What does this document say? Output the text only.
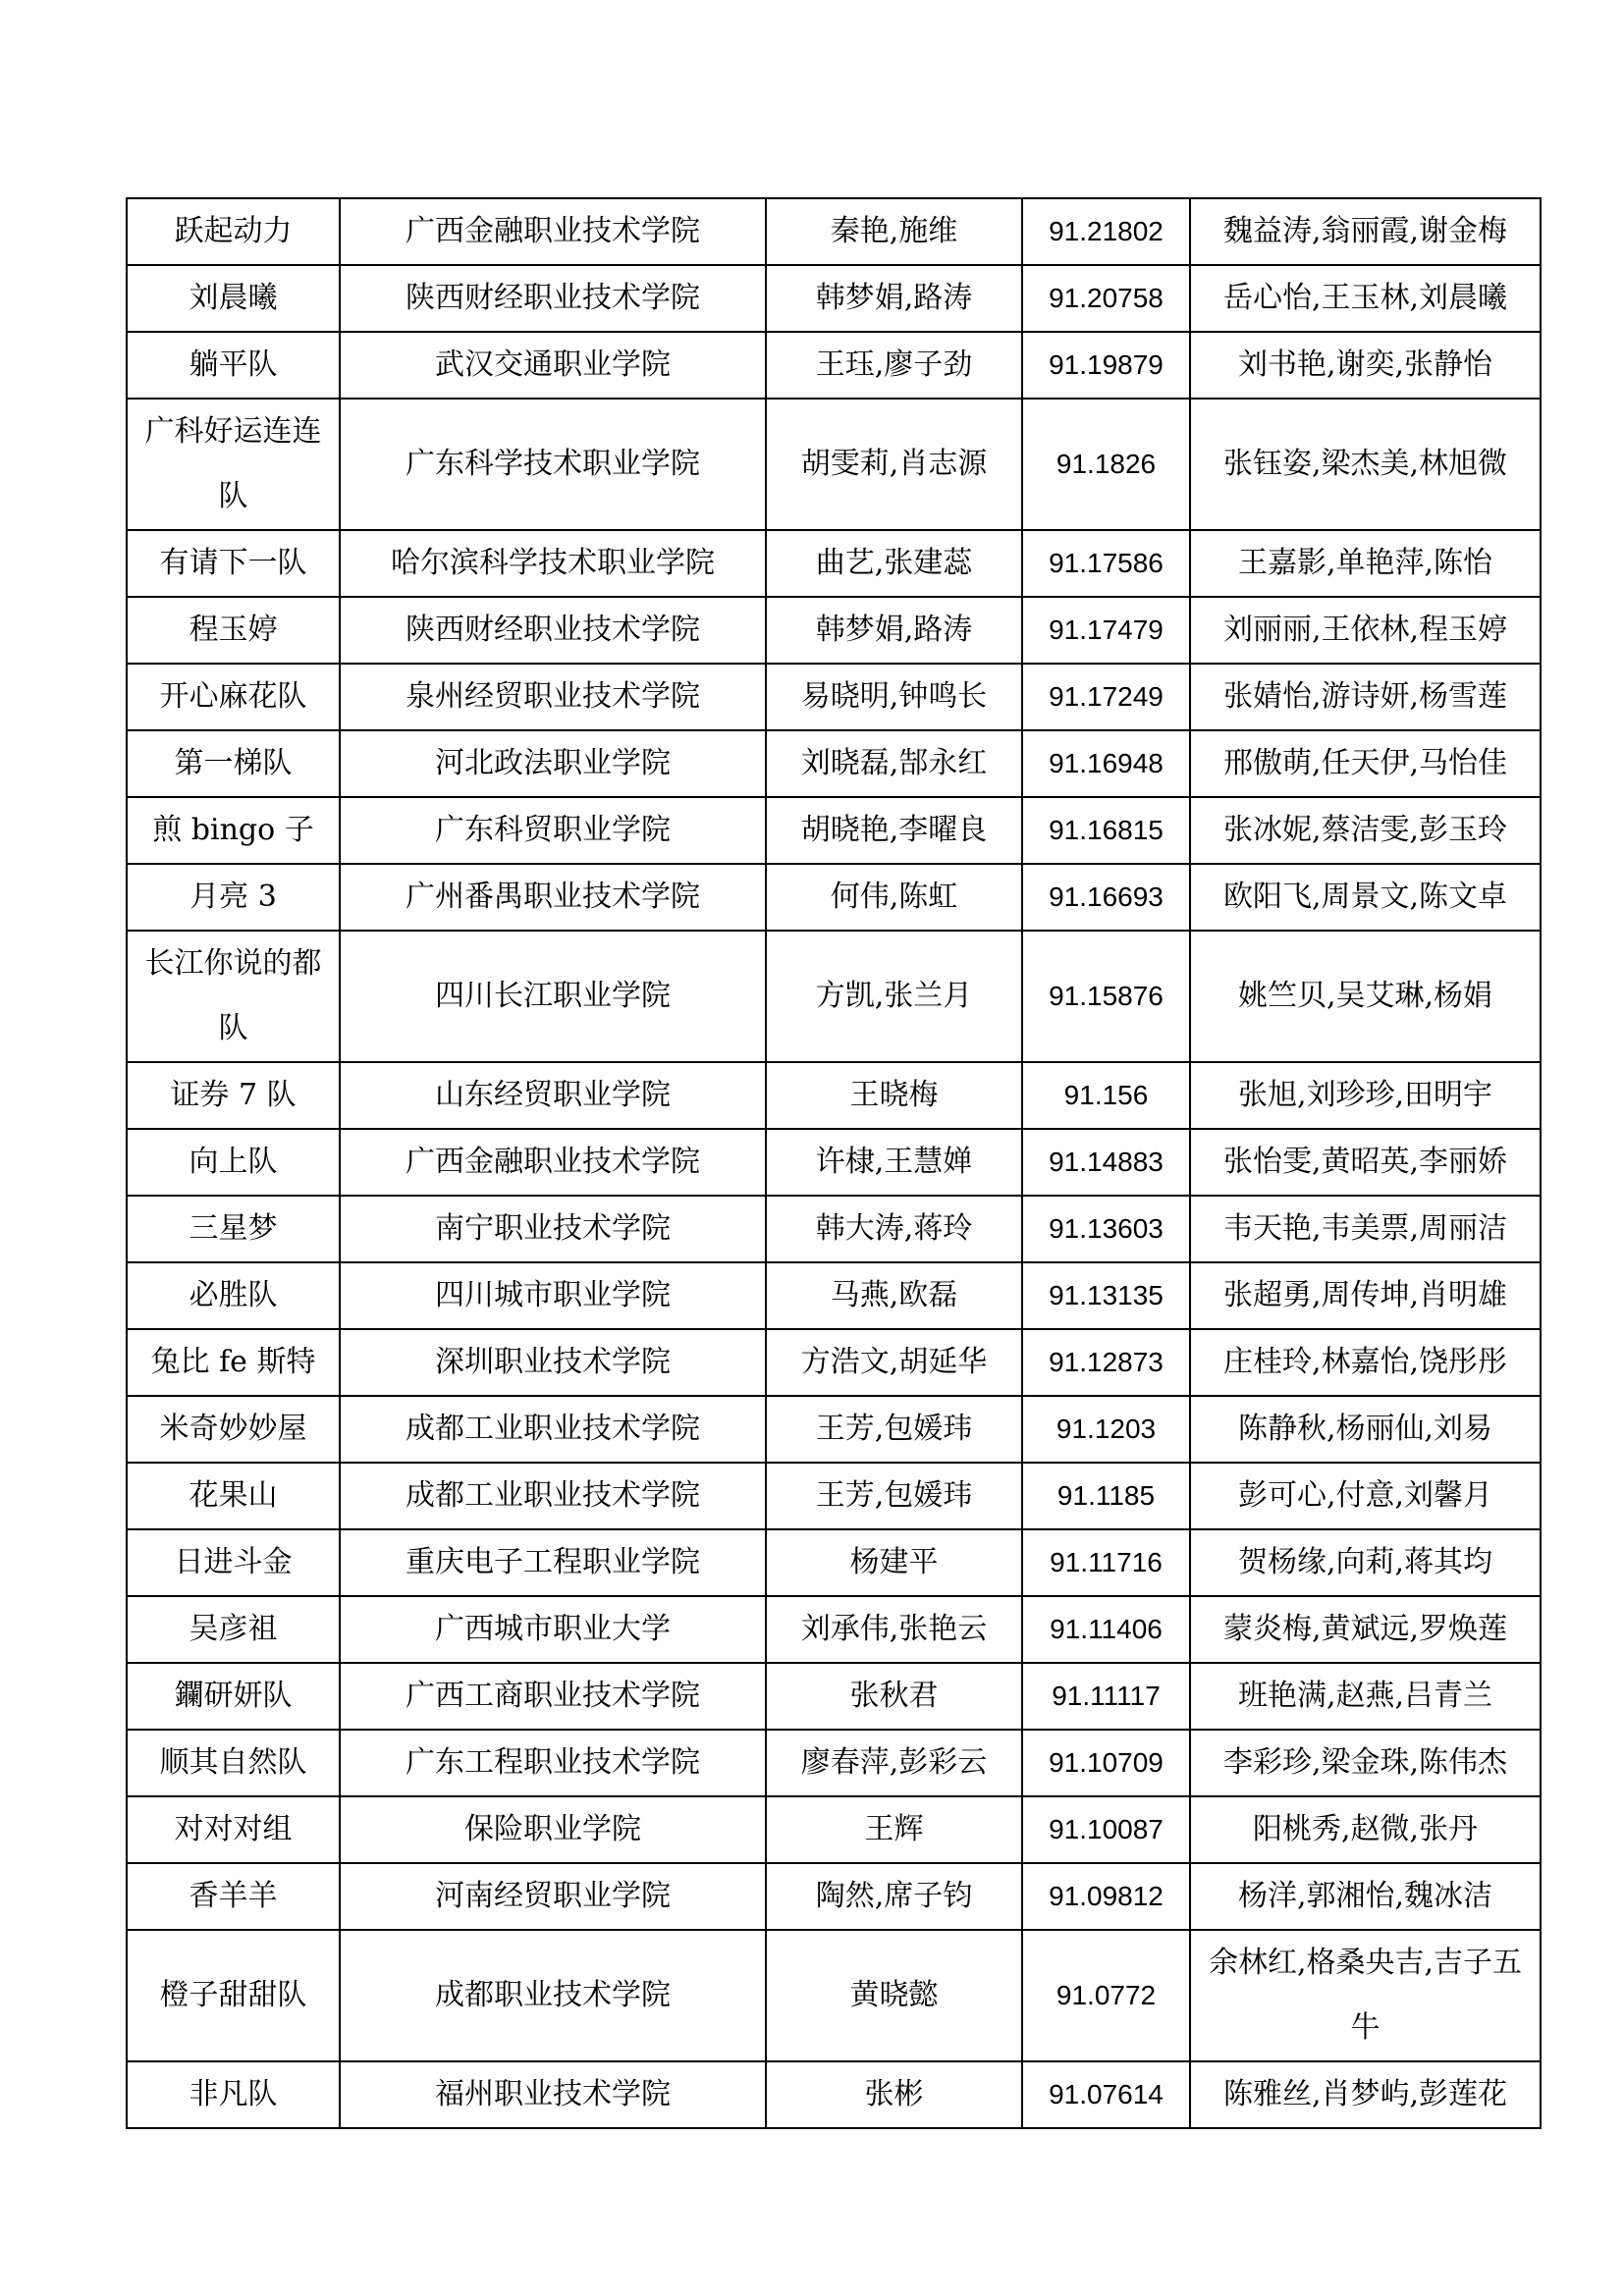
跃起动力	广西金融职业技术学院	秦艳,施维	91.21802	魏益涛,翁丽霞,谢金梅
刘晨曦	陕西财经职业技术学院	韩梦娟,路涛	91.20758	岳心怡,王玉林,刘晨曦
躺平队	武汉交通职业学院	王珏,廖子劲	91.19879	刘书艳,谢奕,张静怡
广科好运连连队	广东科学技术职业学院	胡雯莉,肖志源	91.1826	张钰姿,梁杰美,林旭微
有请下一队	哈尔滨科学技术职业学院	曲艺,张建蕊	91.17586	王嘉影,单艳萍,陈怡
程玉婷	陕西财经职业技术学院	韩梦娟,路涛	91.17479	刘丽丽,王依林,程玉婷
开心麻花队	泉州经贸职业技术学院	易晓明,钟鸣长	91.17249	张婧怡,游诗妍,杨雪莲
第一梯队	河北政法职业学院	刘晓磊,郜永红	91.16948	邢傲萌,任天伊,马怡佳
煎 bingo 子	广东科贸职业学院	胡晓艳,李曜良	91.16815	张冰妮,蔡洁雯,彭玉玲
月亮 3	广州番禺职业技术学院	何伟,陈虹	91.16693	欧阳飞,周景文,陈文卓
长江你说的都队	四川长江职业学院	方凯,张兰月	91.15876	姚竺贝,吴艾琳,杨娟
证券 7 队	山东经贸职业学院	王晓梅	91.156	张旭,刘珍珍,田明宇
向上队	广西金融职业技术学院	许棣,王慧婵	91.14883	张怡雯,黄昭英,李丽娇
三星梦	南宁职业技术学院	韩大涛,蒋玲	91.13603	韦天艳,韦美票,周丽洁
必胜队	四川城市职业学院	马燕,欧磊	91.13135	张超勇,周传坤,肖明雄
兔比 fe 斯特	深圳职业技术学院	方浩文,胡延华	91.12873	庄桂玲,林嘉怡,饶彤彤
米奇妙妙屋	成都工业职业技术学院	王芳,包媛玮	91.1203	陈静秋,杨丽仙,刘易
花果山	成都工业职业技术学院	王芳,包媛玮	91.1185	彭可心,付意,刘馨月
日进斗金	重庆电子工程职业学院	杨建平	91.11716	贺杨缘,向莉,蒋其均
吴彦祖	广西城市职业大学	刘承伟,张艳云	91.11406	蒙炎梅,黄斌远,罗焕莲
鑭研妍队	广西工商职业技术学院	张秋君	91.11117	班艳满,赵燕,吕青兰
顺其自然队	广东工程职业技术学院	廖春萍,彭彩云	91.10709	李彩珍,梁金珠,陈伟杰
对对对组	保险职业学院	王辉	91.10087	阳桃秀,赵微,张丹
香羊羊	河南经贸职业学院	陶然,席子钧	91.09812	杨洋,郭湘怡,魏冰洁
橙子甜甜队	成都职业技术学院	黄晓懿	91.0772	余林红,格桑央吉,吉子五牛
非凡队	福州职业技术学院	张彬	91.07614	陈雅丝,肖梦屿,彭莲花
